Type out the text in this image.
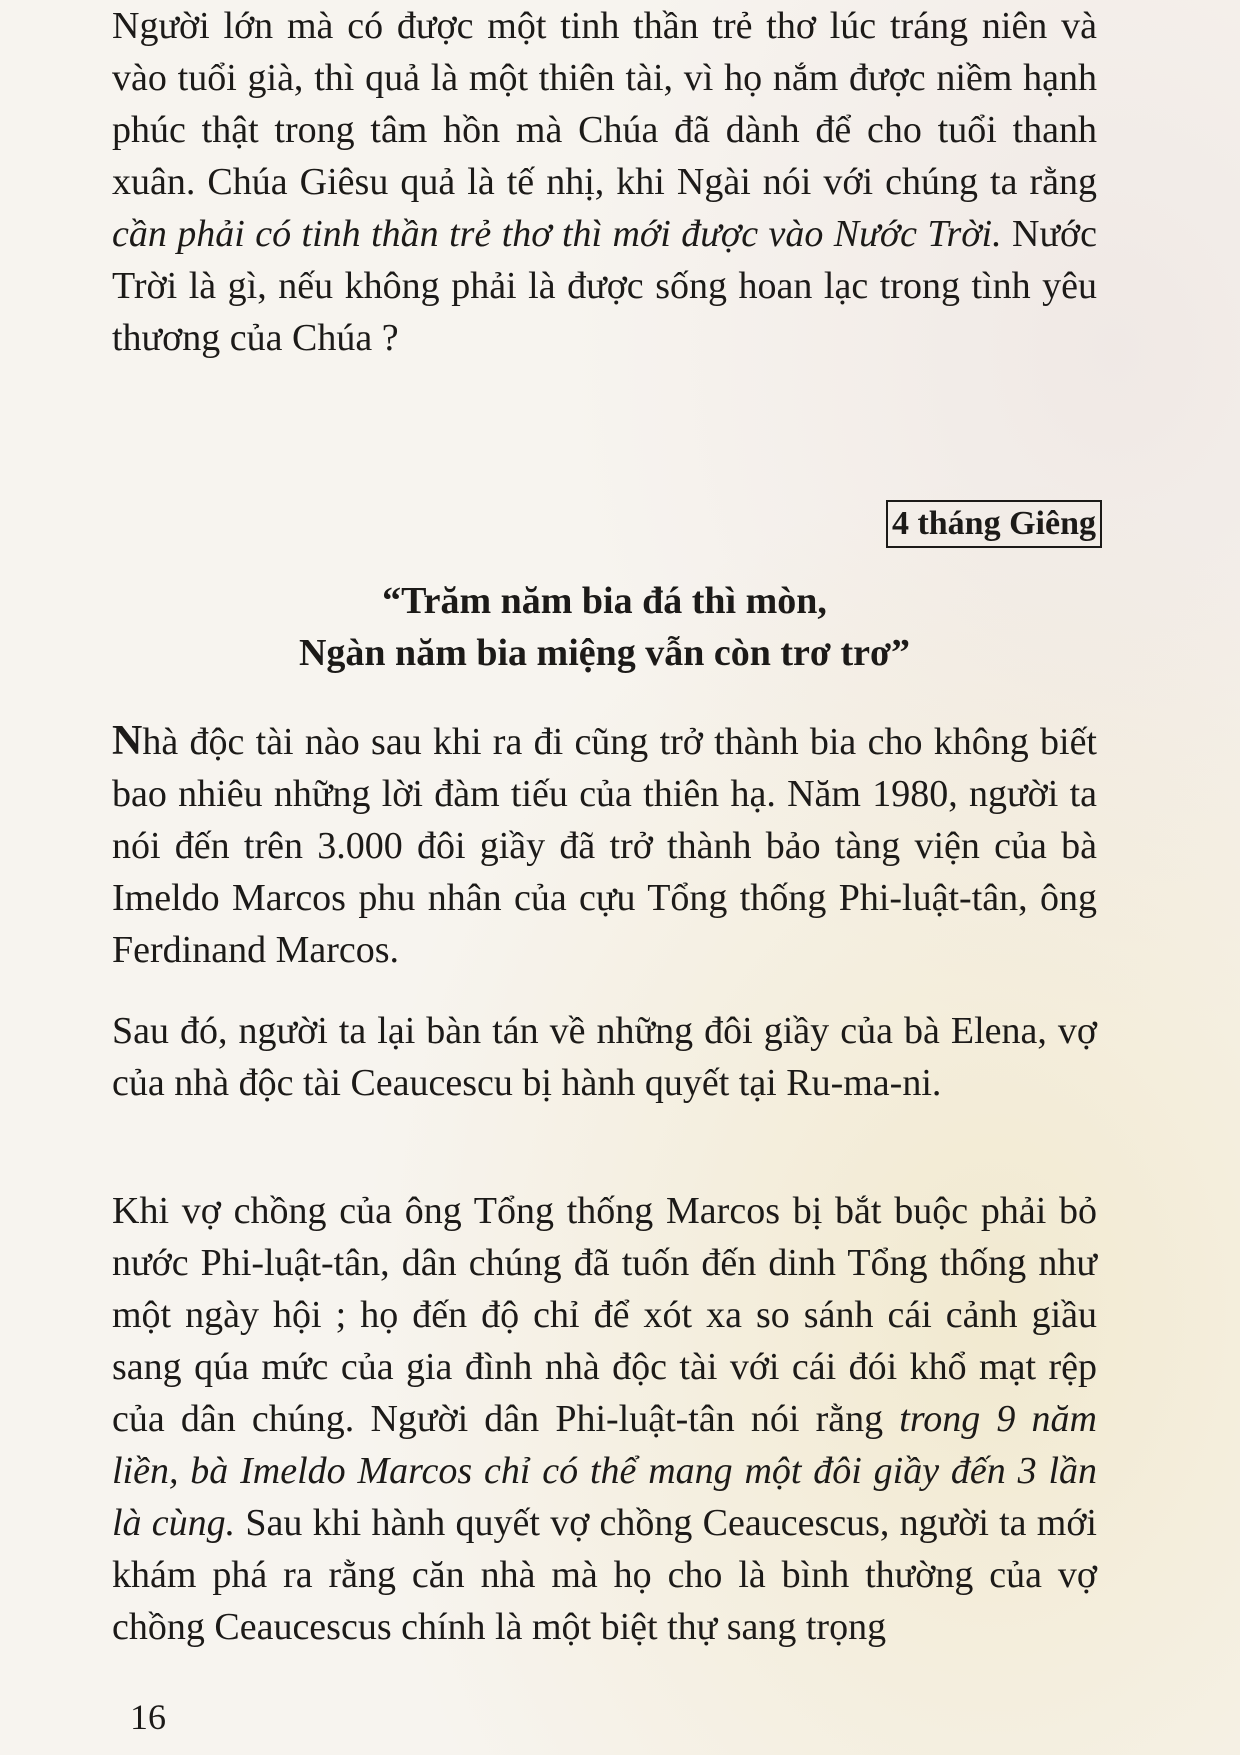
Người lớn mà có được một tinh thần trẻ thơ lúc tráng niên và vào tuổi già, thì quả là một thiên tài, vì họ nắm được niềm hạnh phúc thật trong tâm hồn mà Chúa đã dành để cho tuổi thanh xuân. Chúa Giêsu quả là tế nhị, khi Ngài nói với chúng ta rằng cần phải có tinh thần trẻ thơ thì mới được vào Nước Trời. Nước Trời là gì, nếu không phải là được sống hoan lạc trong tình yêu thương của Chúa ?

4 tháng Giêng
“Trăm năm bia đá thì mòn,
Ngàn năm bia miệng vẫn còn trơ trơ”

Nhà độc tài nào sau khi ra đi cũng trở thành bia cho không biết bao nhiêu những lời đàm tiếu của thiên hạ. Năm 1980, người ta nói đến trên 3.000 đôi giầy đã trở thành bảo tàng viện của bà Imeldo Marcos phu nhân của cựu Tổng thống Phi-luật-tân, ông Ferdinand Marcos.

Sau đó, người ta lại bàn tán về những đôi giầy của bà Elena, vợ của nhà độc tài Ceaucescu bị hành quyết tại Ru-ma-ni.

Khi vợ chồng của ông Tổng thống Marcos bị bắt buộc phải bỏ nước Phi-luật-tân, dân chúng đã tuốn đến dinh Tổng thống như một ngày hội ; họ đến độ chỉ để xót xa so sánh cái cảnh giầu sang qúa mức của gia đình nhà độc tài với cái đói khổ mạt rệp của dân chúng. Người dân Phi-luật-tân nói rằng trong 9 năm liền, bà Imeldo Marcos chỉ có thể mang một đôi giầy đến 3 lần là cùng. Sau khi hành quyết vợ chồng Ceaucescus, người ta mới khám phá ra rằng căn nhà mà họ cho là bình thường của vợ chồng Ceaucescus chính là một biệt thự sang trọng

16
